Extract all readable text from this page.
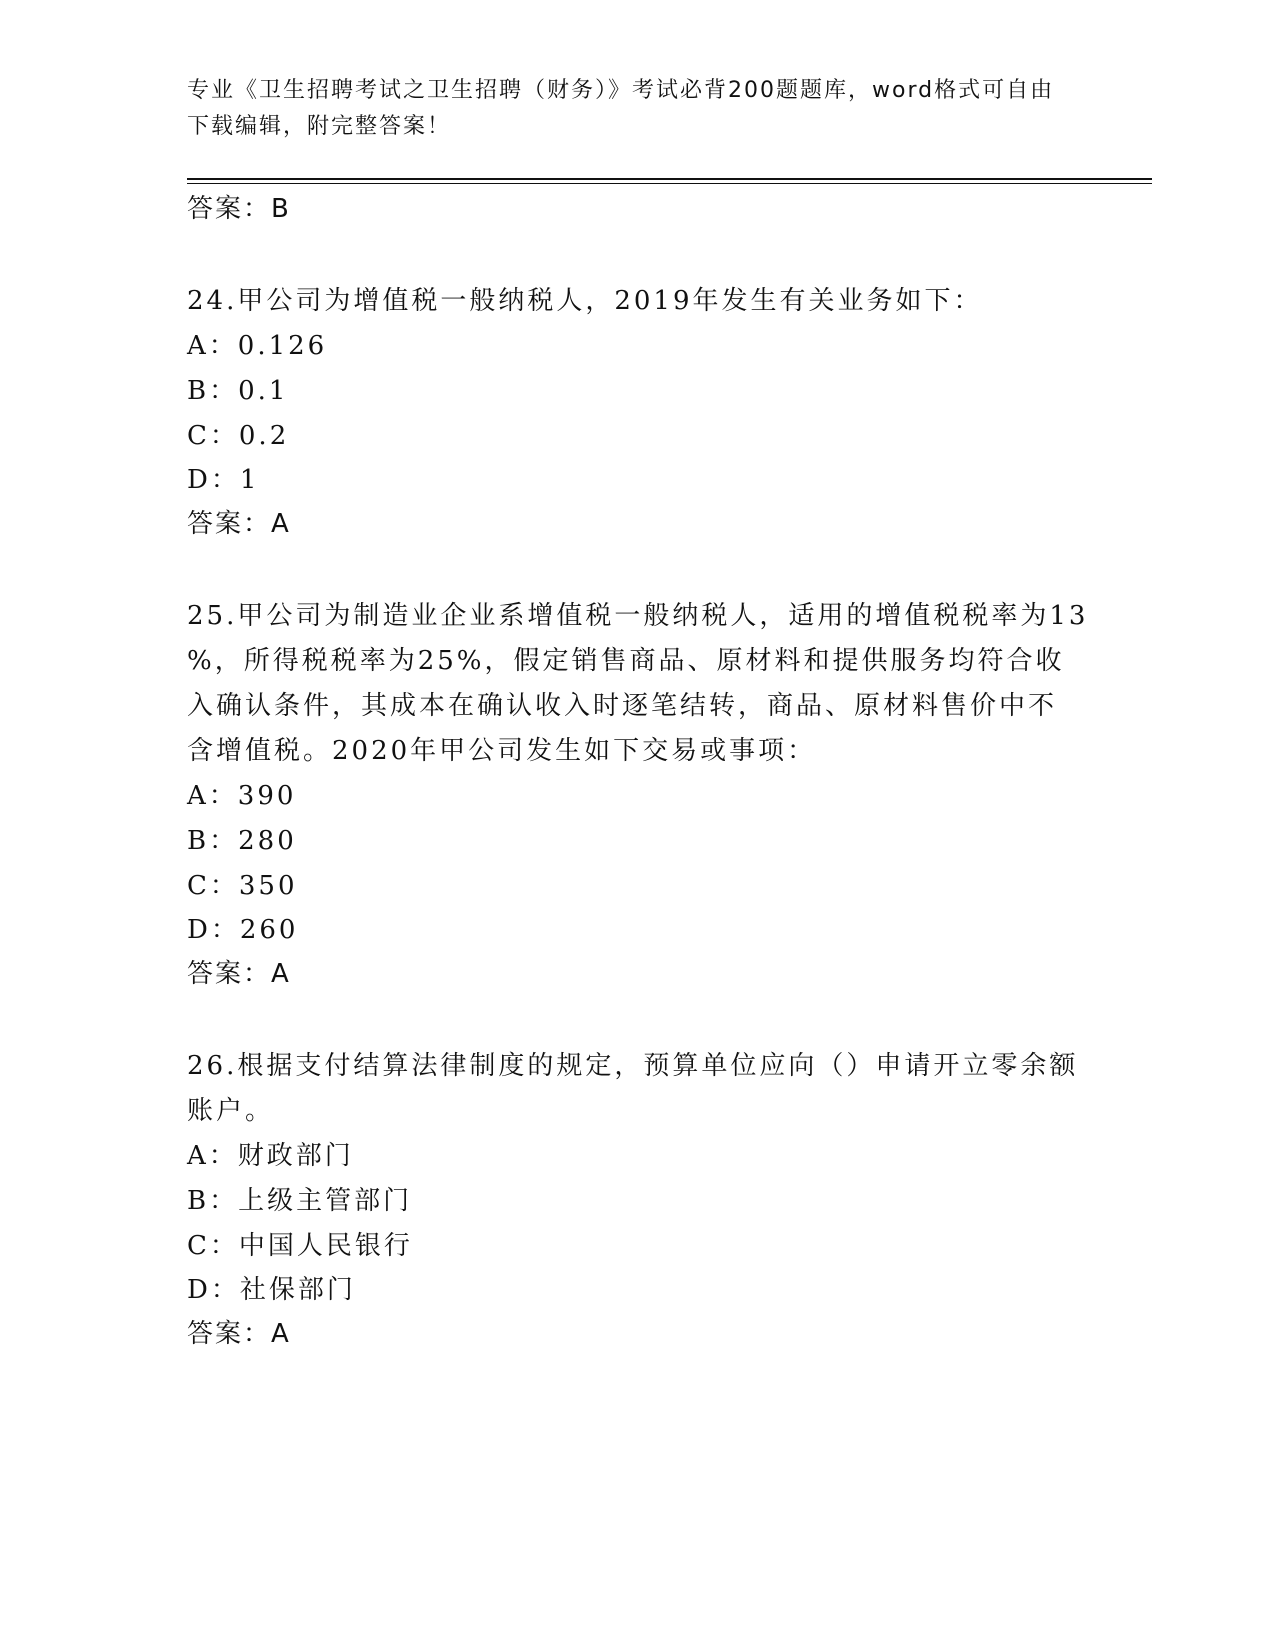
专业《卫生招聘考试之卫生招聘（财务）》考试必背200题题库，word格式可自由下载编辑，附完整答案！
答案：B
24.甲公司为增值税一般纳税人，2019年发生有关业务如下：
A：0.126
B：0.1
C：0.2
D：1
答案：A
25.甲公司为制造业企业系增值税一般纳税人，适用的增值税税率为13
%，所得税税率为25%，假定销售商品、原材料和提供服务均符合收
入确认条件，其成本在确认收入时逐笔结转，商品、原材料售价中不
含增值税。2020年甲公司发生如下交易或事项：
A：390
B：280
C：350
D：260
答案：A
26.根据支付结算法律制度的规定，预算单位应向（）申请开立零余额
账户。
A：财政部门
B：上级主管部门
C：中国人民银行
D：社保部门
答案：A
